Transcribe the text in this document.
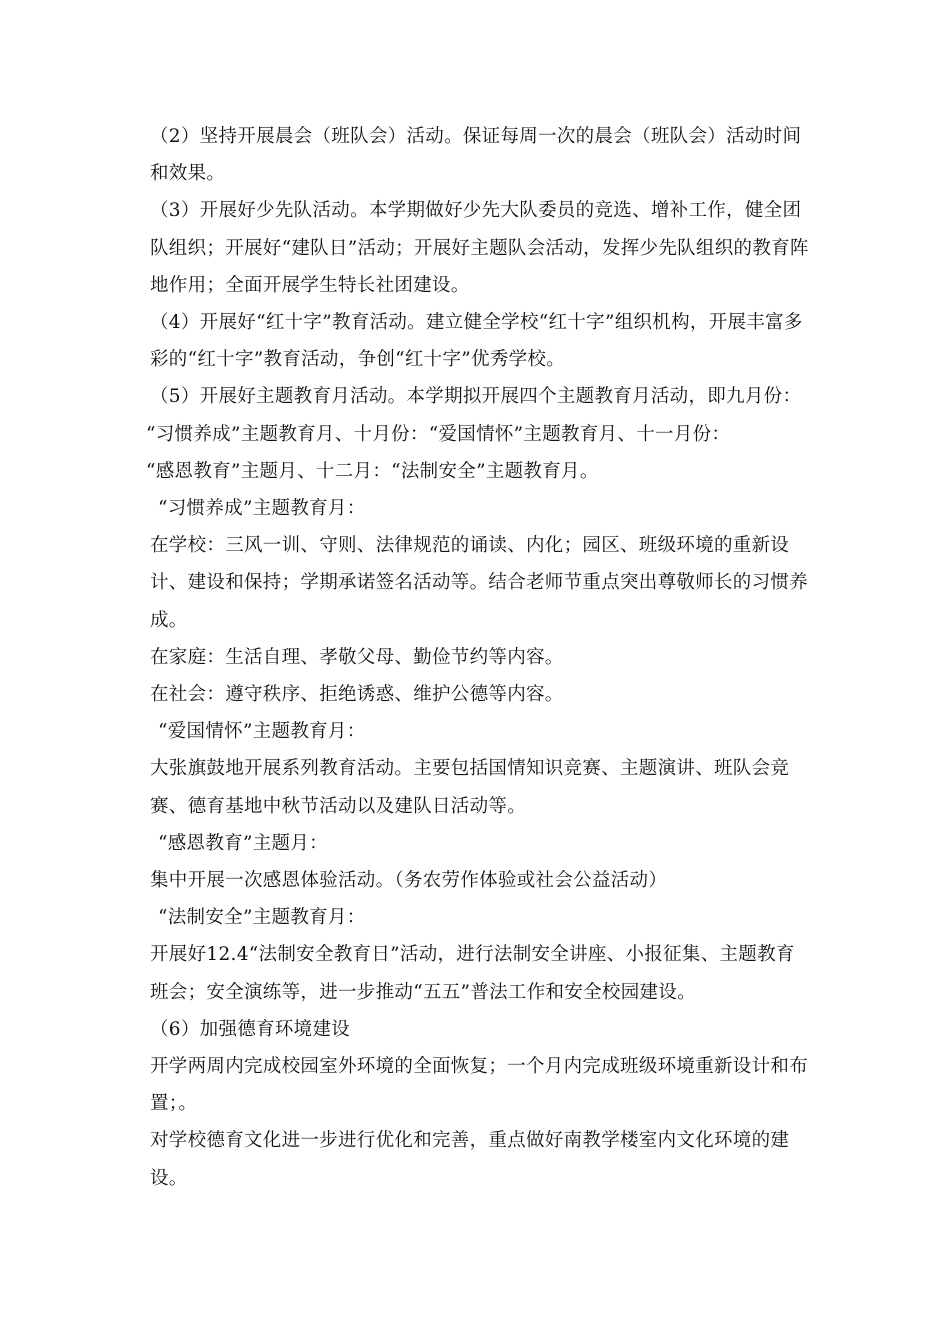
（2）坚持开展晨会（班队会）活动。保证每周一次的晨会（班队会）活动时间和效果。

（3）开展好少先队活动。本学期做好少先大队委员的竞选、增补工作，健全团队组织；开展好“建队日”活动；开展好主题队会活动，发挥少先队组织的教育阵地作用；全面开展学生特长社团建设。

（4）开展好“红十字”教育活动。建立健全学校“红十字”组织机构，开展丰富多彩的“红十字”教育活动，争创“红十字”优秀学校。

（5）开展好主题教育月活动。本学期拟开展四个主题教育月活动，即九月份：

“习惯养成”主题教育月、十月份：“爱国情怀”主题教育月、十一月份：

“感恩教育”主题月、十二月：“法制安全”主题教育月。

“习惯养成”主题教育月：

在学校：三风一训、守则、法律规范的诵读、内化；园区、班级环境的重新设计、建设和保持；学期承诺签名活动等。结合老师节重点突出尊敬师长的习惯养成。

在家庭：生活自理、孝敬父母、勤俭节约等内容。

在社会：遵守秩序、拒绝诱惑、维护公德等内容。

“爱国情怀”主题教育月：

大张旗鼓地开展系列教育活动。主要包括国情知识竞赛、主题演讲、班队会竞赛、德育基地中秋节活动以及建队日活动等。

“感恩教育”主题月：

集中开展一次感恩体验活动。（务农劳作体验或社会公益活动）

“法制安全”主题教育月：

开展好12.4“法制安全教育日”活动，进行法制安全讲座、小报征集、主题教育班会；安全演练等，进一步推动“五五”普法工作和安全校园建设。

（6）加强德育环境建设

开学两周内完成校园室外环境的全面恢复；一个月内完成班级环境重新设计和布置；。

对学校德育文化进一步进行优化和完善，重点做好南教学楼室内文化环境的建设。
